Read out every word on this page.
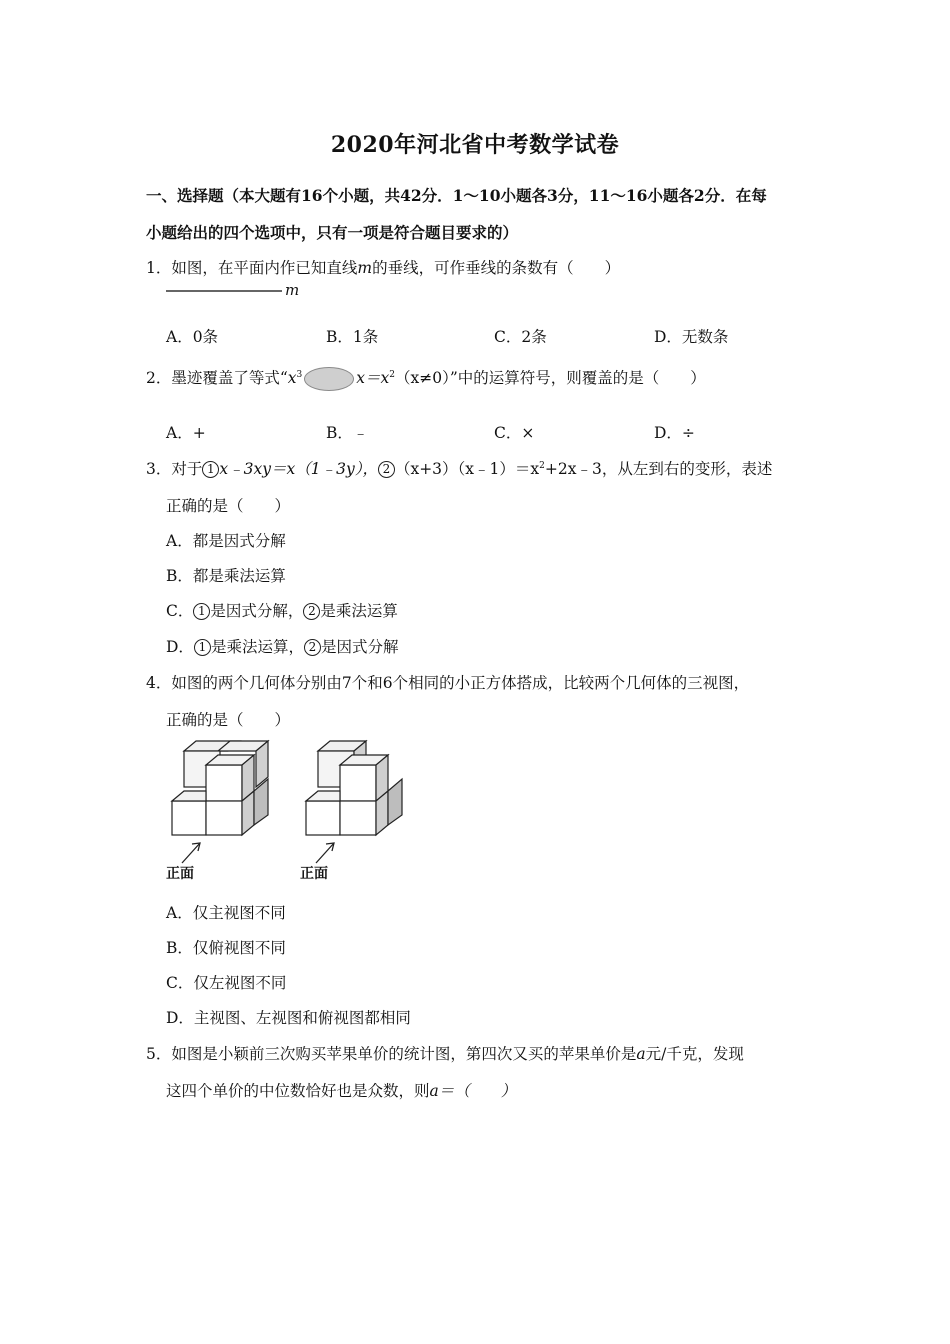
2020年河北省中考数学试卷
一、选择题（本大题有16个小题，共42分．1～10小题各3分，11～16小题各2分．在每
小题给出的四个选项中，只有一项是符合题目要求的）
1．如图，在平面内作已知直线m的垂线，可作垂线的条数有（　　）
m
A．0条	B．1条	C．2条	D．无数条
2．墨迹覆盖了等式“$x^3$	$x=x^2(x\ne 0)$”中的运算符号，则覆盖的是（　　）
A．+	B．﹣	C．×	D．÷
3．对于 1 x﹣3xy＝x（1﹣3y）， 2 $(x+3)(x﹣1)=x^2+2x﹣3$，从左到右的变形，表述
正确的是（　　）
A．都是因式分解
B．都是乘法运算
C． 1 是因式分解， 2 是乘法运算
D． 1 是乘法运算， 2 是因式分解
4．如图的两个几何体分别由7个和6个相同的小正方体搭成，比较两个几何体的三视图，
正确的是（　　）
正面	正面
A．仅主视图不同
B．仅俯视图不同
C．仅左视图不同
D．主视图、左视图和俯视图都相同
5．如图是小颖前三次购买苹果单价的统计图，第四次又买的苹果单价是a元/千克，发现
这四个单价的中位数恰好也是众数，则a＝（　　）
